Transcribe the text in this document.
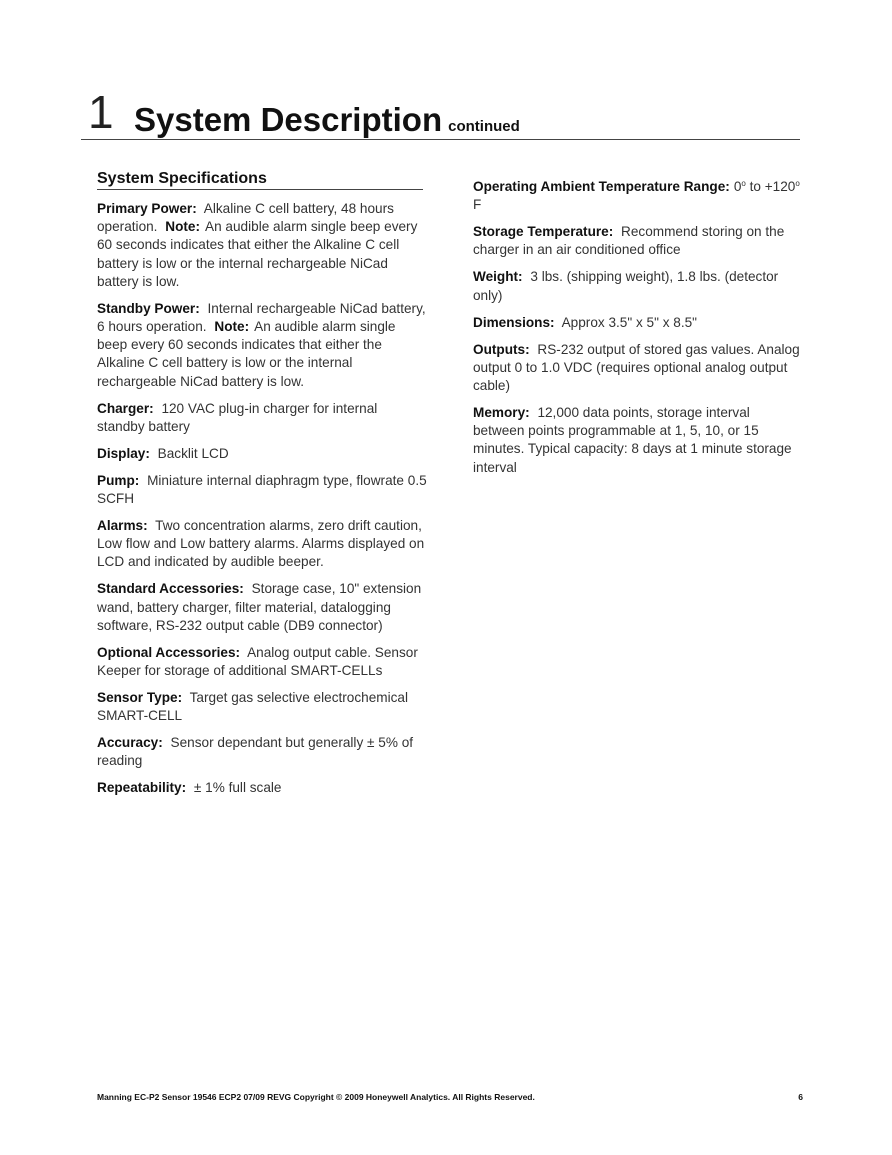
1 System Description continued
System Specifications

Primary Power: Alkaline C cell battery, 48 hours operation. Note: An audible alarm single beep every 60 seconds indicates that either the Alkaline C cell battery is low or the internal rechargeable NiCad battery is low.

Standby Power: Internal rechargeable NiCad battery, 6 hours operation. Note: An audible alarm single beep every 60 seconds indicates that either the Alkaline C cell battery is low or the internal rechargeable NiCad battery is low.

Charger: 120 VAC plug-in charger for internal standby battery

Display: Backlit LCD

Pump: Miniature internal diaphragm type, flowrate 0.5 SCFH

Alarms: Two concentration alarms, zero drift caution, Low flow and Low battery alarms. Alarms displayed on LCD and indicated by audible beeper.

Standard Accessories: Storage case, 10" extension wand, battery charger, filter material, datalogging software, RS-232 output cable (DB9 connector)

Optional Accessories: Analog output cable. Sensor Keeper for storage of additional SMART-CELLs

Sensor Type: Target gas selective electrochemical SMART-CELL

Accuracy: Sensor dependant but generally ± 5% of reading

Repeatability: ± 1% full scale

Operating Ambient Temperature Range: 0$^o$ to $+120^o$ F

Storage Temperature: Recommend storing on the charger in an air conditioned office

Weight: 3 lbs. (shipping weight), 1.8 lbs. (detector only)

Dimensions: Approx 3.5" x 5" x 8.5"

Outputs: RS-232 output of stored gas values. Analog output 0 to 1.0 VDC (requires optional analog output cable)

Memory: 12,000 data points, storage interval between points programmable at 1, 5, 10, or 15 minutes. Typical capacity: 8 days at 1 minute storage interval

Manning EC-P2 Sensor 19546 ECP2 07/09 REVG Copyright © 2009 Honeywell Analytics. All Rights Reserved.	6
